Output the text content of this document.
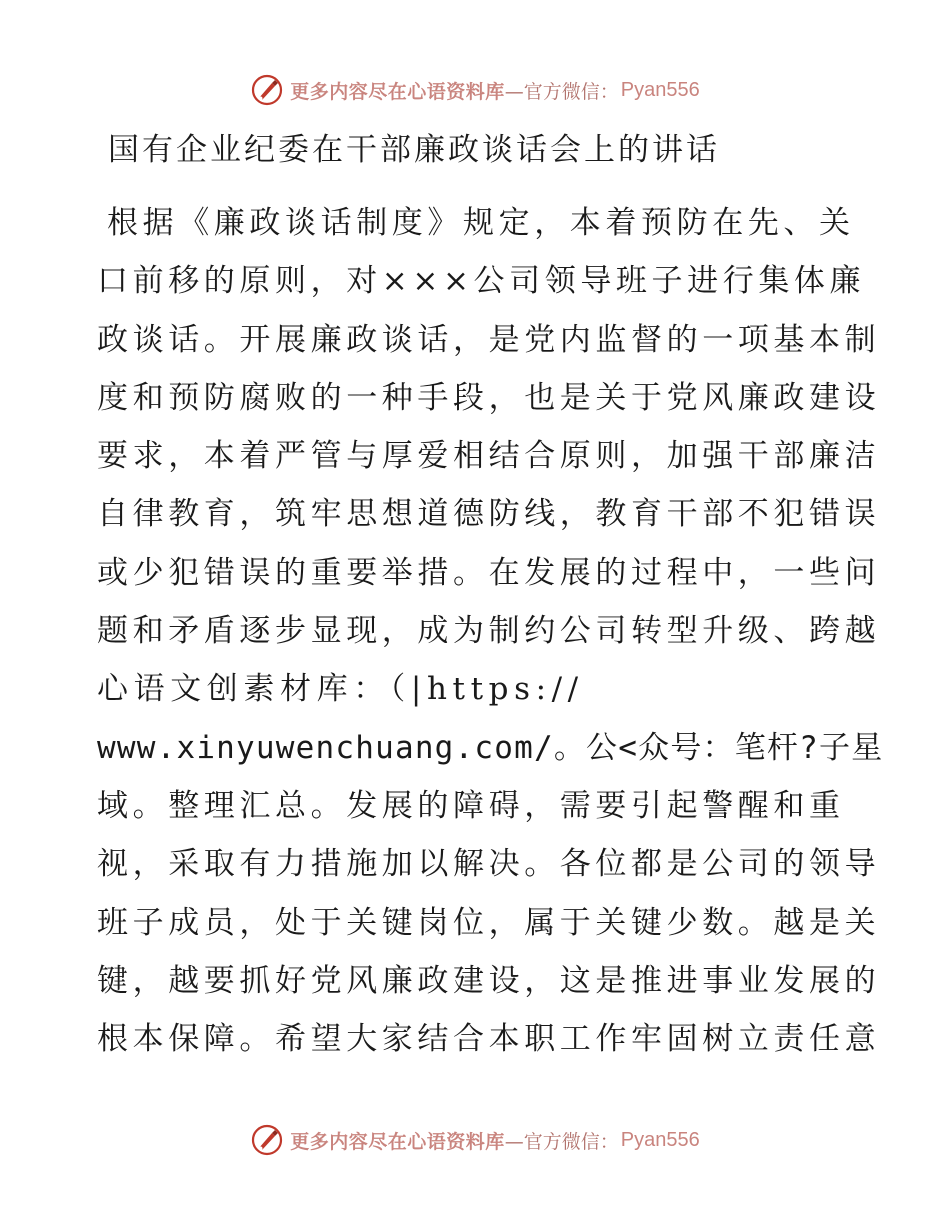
更多内容尽在心语资料库 —官方微信： Pyan556
国有企业纪委在干部廉政谈话会上的讲话
根据《廉政谈话制度》规定，本着预防在先、关
口前移的原则，对×××公司领导班子进行集体廉
政谈话。开展廉政谈话，是党内监督的一项基本制
度和预防腐败的一种手段，也是关于党风廉政建设
要求，本着严管与厚爱相结合原则，加强干部廉洁
自律教育，筑牢思想道德防线，教育干部不犯错误
或少犯错误的重要举措。在发展的过程中，一些问
题和矛盾逐步显现，成为制约公司转型升级、跨越
心语文创素材库：（|https://
www.xinyuwenchuang.com/。公<众号：笔杆?子星
域。整理汇总。发展的障碍，需要引起警醒和重
视，采取有力措施加以解决。各位都是公司的领导
班子成员，处于关键岗位，属于关键少数。越是关
键，越要抓好党风廉政建设，这是推进事业发展的
根本保障。希望大家结合本职工作牢固树立责任意
更多内容尽在心语资料库 —官方微信： Pyan556
